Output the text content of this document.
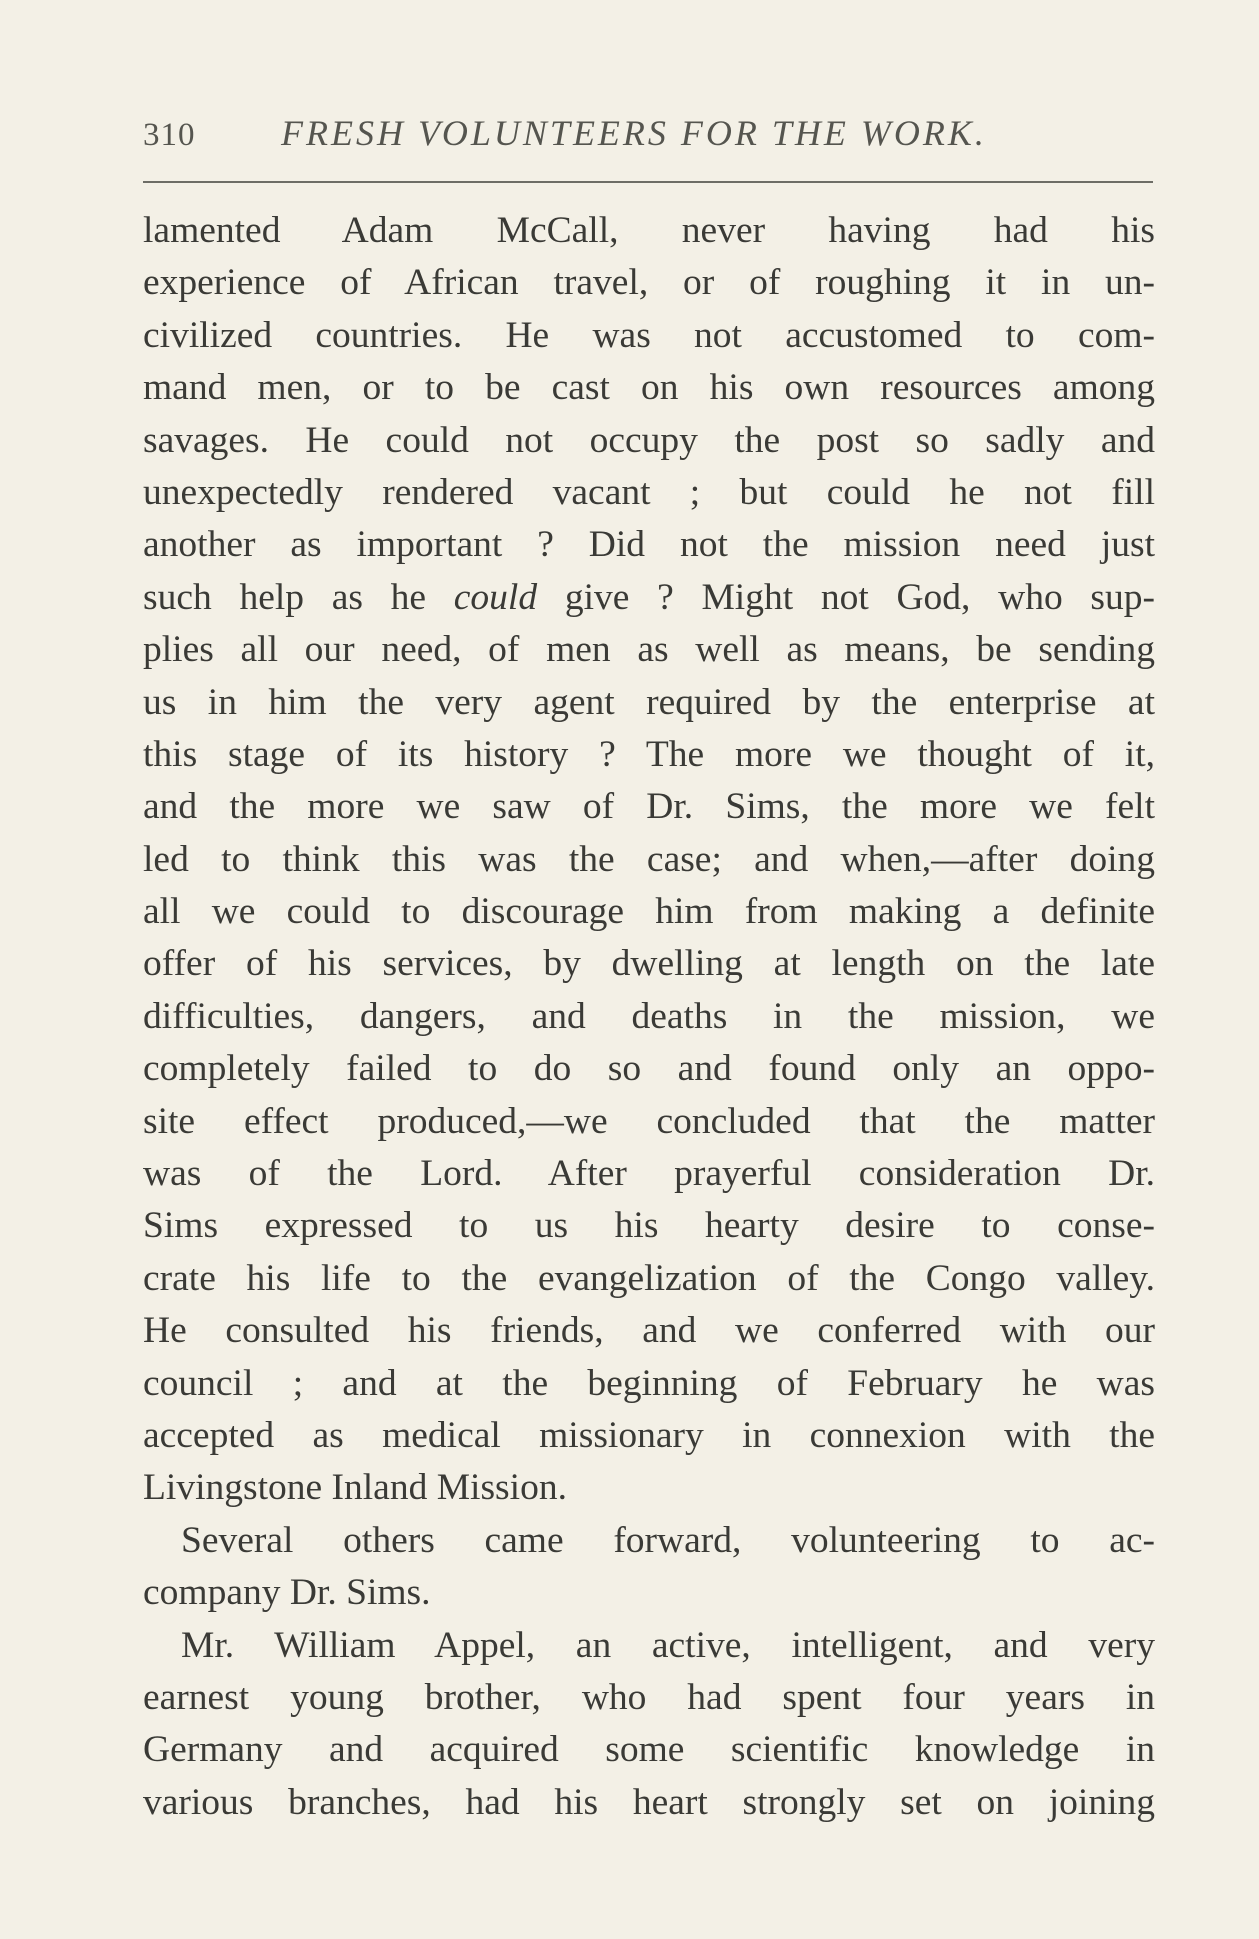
310 FRESH VOLUNTEERS FOR THE WORK.
lamented Adam McCall, never having had his
experience of African travel, or of roughing it in un-
civilized countries. He was not accustomed to com-
mand men, or to be cast on his own resources among
savages. He could not occupy the post so sadly and
unexpectedly rendered vacant ; but could he not fill
another as important ? Did not the mission need just
such help as he could give ? Might not God, who sup-
plies all our need, of men as well as means, be sending
us in him the very agent required by the enterprise at
this stage of its history ? The more we thought of it,
and the more we saw of Dr. Sims, the more we felt
led to think this was the case; and when,—after doing
all we could to discourage him from making a definite
offer of his services, by dwelling at length on the late
difficulties, dangers, and deaths in the mission, we
completely failed to do so and found only an oppo-
site effect produced,—we concluded that the matter
was of the Lord. After prayerful consideration Dr.
Sims expressed to us his hearty desire to conse-
crate his life to the evangelization of the Congo valley.
He consulted his friends, and we conferred with our
council ; and at the beginning of February he was
accepted as medical missionary in connexion with the
Livingstone Inland Mission.
Several others came forward, volunteering to ac-
company Dr. Sims.
Mr. William Appel, an active, intelligent, and very
earnest young brother, who had spent four years in
Germany and acquired some scientific knowledge in
various branches, had his heart strongly set on joining
